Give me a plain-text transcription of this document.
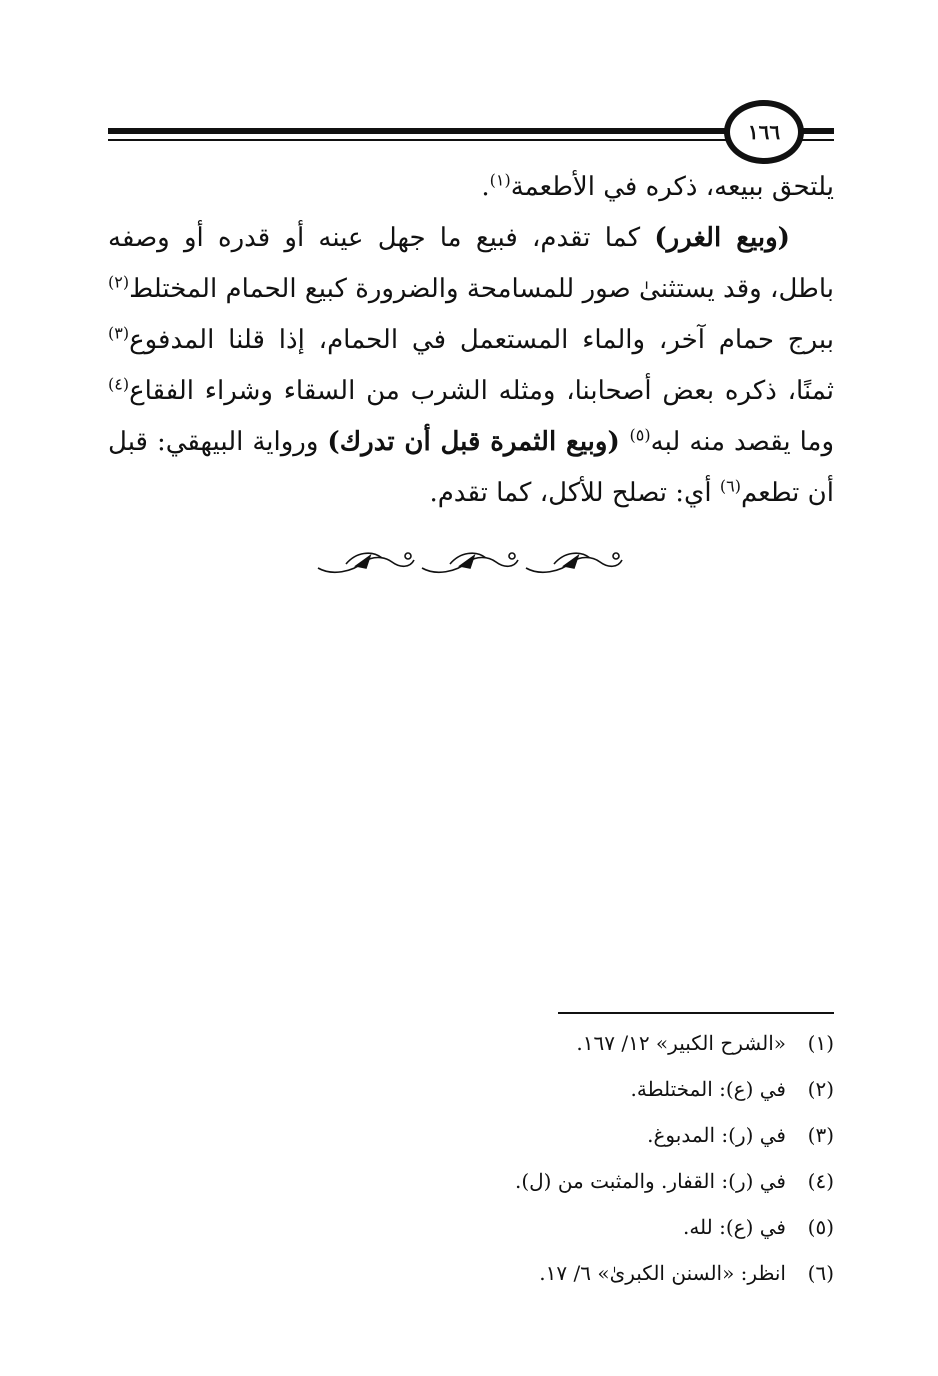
١٦٦

يلتحق ببيعه، ذكره في الأطعمة$^{(١)}$.

(وبيع الغرر) كما تقدم، فبيع ما جهل عينه أو قدره أو وصفه باطل، وقد يستثنىٰ صور للمسامحة والضرورة كبيع الحمام المختلط$^{(٢)}$ ببرج حمام آخر، والماء المستعمل في الحمام، إذا قلنا المدفوع$^{(٣)}$ ثمنًا، ذكره بعض أصحابنا، ومثله الشرب من السقاء وشراء الفقاع$^{(٤)}$ وما يقصد منه لبه$^{(٥)}$ (وبيع الثمرة قبل أن تدرك) ورواية البيهقي: قبل أن تطعم$^{(٦)}$ أي: تصلح للأكل، كما تقدم.

(١)
«الشرح الكبير» ١٢/ ١٦٧.
(٢)
في (ع): المختلطة.
(٣)
في (ر): المدبوغ.
(٤)
في (ر): القفار. والمثبت من (ل).
(٥)
في (ع): لله.
(٦)
انظر: «السنن الكبرىٰ» ٦/ ١٧.
